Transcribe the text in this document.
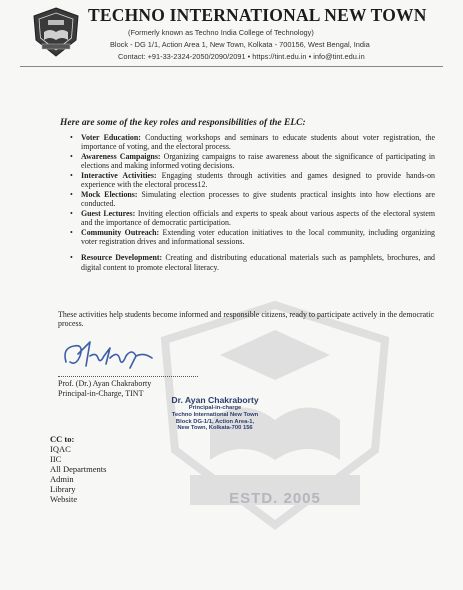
TECHNO INTERNATIONAL NEW TOWN
(Formerly known as Techno India College of Technology)
Block - DG 1/1, Action Area 1, New Town, Kolkata - 700156, West Bengal, India
Contact: +91-33-2324-2050/2090/2091 • https://tint.edu.in • info@tint.edu.in
ESTD. 2005
Here are some of the key roles and responsibilities of the ELC:
• Voter Education: Conducting workshops and seminars to educate students about voter registration, the importance of voting, and the electoral process.
• Awareness Campaigns: Organizing campaigns to raise awareness about the significance of participating in elections and making informed voting decisions.
• Interactive Activities: Engaging students through activities and games designed to provide hands-on experience with the electoral process12.
• Mock Elections: Simulating election processes to give students practical insights into how elections are conducted.
• Guest Lectures: Inviting election officials and experts to speak about various aspects of the electoral system and the importance of democratic participation.
• Community Outreach: Extending voter education initiatives to the local community, including organizing voter registration drives and informational sessions.
• Resource Development: Creating and distributing educational materials such as pamphlets, brochures, and digital content to promote electoral literacy.
These activities help students become informed and responsible citizens, ready to participate actively in the democratic process.
Prof. (Dr.) Ayan Chakraborty
Principal-in-Charge, TINT
Dr. Ayan Chakraborty
Principal-in-charge
Techno International New Town
Block DG-1/1, Action Area-1,
New Town, Kolkata-700 156
CC to:
IQAC
IIC
All Departments
Admin
Library
Website
